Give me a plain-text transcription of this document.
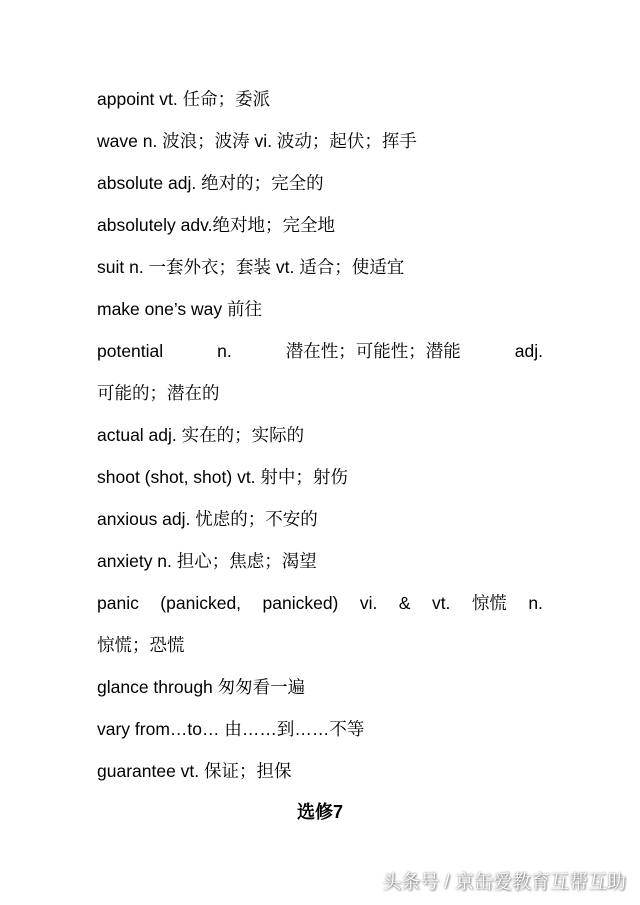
appoint vt. 任命；委派

wave n. 波浪；波涛 vi. 波动；起伏；挥手

absolute adj. 绝对的；完全的

absolutely adv.绝对地；完全地

suit n. 一套外衣；套装 vt. 适合；使适宜

make one’s way 前往

potential	n.	潜在性；可能性；潜能	adj.

可能的；潜在的

actual adj. 实在的；实际的

shoot (shot, shot) vt. 射中；射伤

anxious adj. 忧虑的；不安的

anxiety n. 担心；焦虑；渴望

panic (panicked, panicked) vi. & vt. 惊慌 n.

惊慌；恐慌

glance through 匆匆看一遍

vary from…to… 由……到……不等

guarantee vt. 保证；担保

选修7
头条号 / 京缶爱教育互帮互助
